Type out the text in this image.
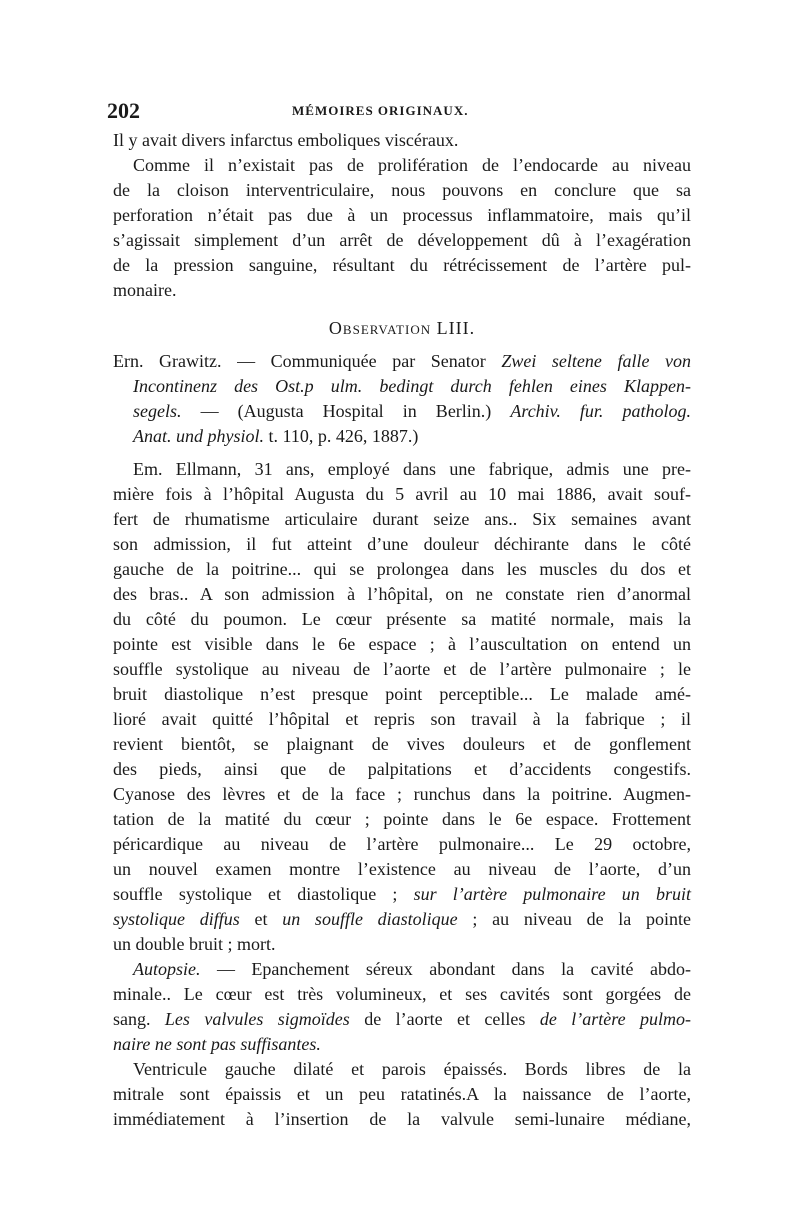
202	MÉMOIRES ORIGINAUX.
Il y avait divers infarctus emboliques viscéraux.
Comme il n’existait pas de prolifération de l’endocarde au niveau
de la cloison interventriculaire, nous pouvons en conclure que sa
perforation n’était pas due à un processus inflammatoire, mais qu’il
s’agissait simplement d’un arrêt de développement dû à l’exagération
de la pression sanguine, résultant du rétrécissement de l’artère pul-
monaire.
Observation LIII.
Ern. Grawitz. — Communiquée par Senator Zwei seltene falle von
Incontinenz des Ost.p ulm. bedingt durch fehlen eines Klappen-
segels. — (Augusta Hospital in Berlin.) Archiv. fur. patholog.
Anat. und physiol. t. 110, p. 426, 1887.)
Em. Ellmann, 31 ans, employé dans une fabrique, admis une pre-
mière fois à l’hôpital Augusta du 5 avril au 10 mai 1886, avait souf-
fert de rhumatisme articulaire durant seize ans.. Six semaines avant
son admission, il fut atteint d’une douleur déchirante dans le côté
gauche de la poitrine... qui se prolongea dans les muscles du dos et
des bras.. A son admission à l’hôpital, on ne constate rien d’anormal
du côté du poumon. Le cœur présente sa matité normale, mais la
pointe est visible dans le 6e espace ; à l’auscultation on entend un
souffle systolique au niveau de l’aorte et de l’artère pulmonaire ; le
bruit diastolique n’est presque point perceptible... Le malade amé-
lioré avait quitté l’hôpital et repris son travail à la fabrique ; il
revient bientôt, se plaignant de vives douleurs et de gonflement
des pieds, ainsi que de palpitations et d’accidents congestifs.
Cyanose des lèvres et de la face ; runchus dans la poitrine. Augmen-
tation de la matité du cœur ; pointe dans le 6e espace. Frottement
péricardique au niveau de l’artère pulmonaire... Le 29 octobre,
un nouvel examen montre l’existence au niveau de l’aorte, d’un
souffle systolique et diastolique ; sur l’artère pulmonaire un bruit
systolique diffus et un souffle diastolique ; au niveau de la pointe
un double bruit ; mort.
Autopsie. — Epanchement séreux abondant dans la cavité abdo-
minale.. Le cœur est très volumineux, et ses cavités sont gorgées de
sang. Les valvules sigmoïdes de l’aorte et celles de l’artère pulmo-
naire ne sont pas suffisantes.
Ventricule gauche dilaté et parois épaissés. Bords libres de la
mitrale sont épaissis et un peu ratatinés.A la naissance de l’aorte,
immédiatement à l’insertion de la valvule semi-lunaire médiane,
